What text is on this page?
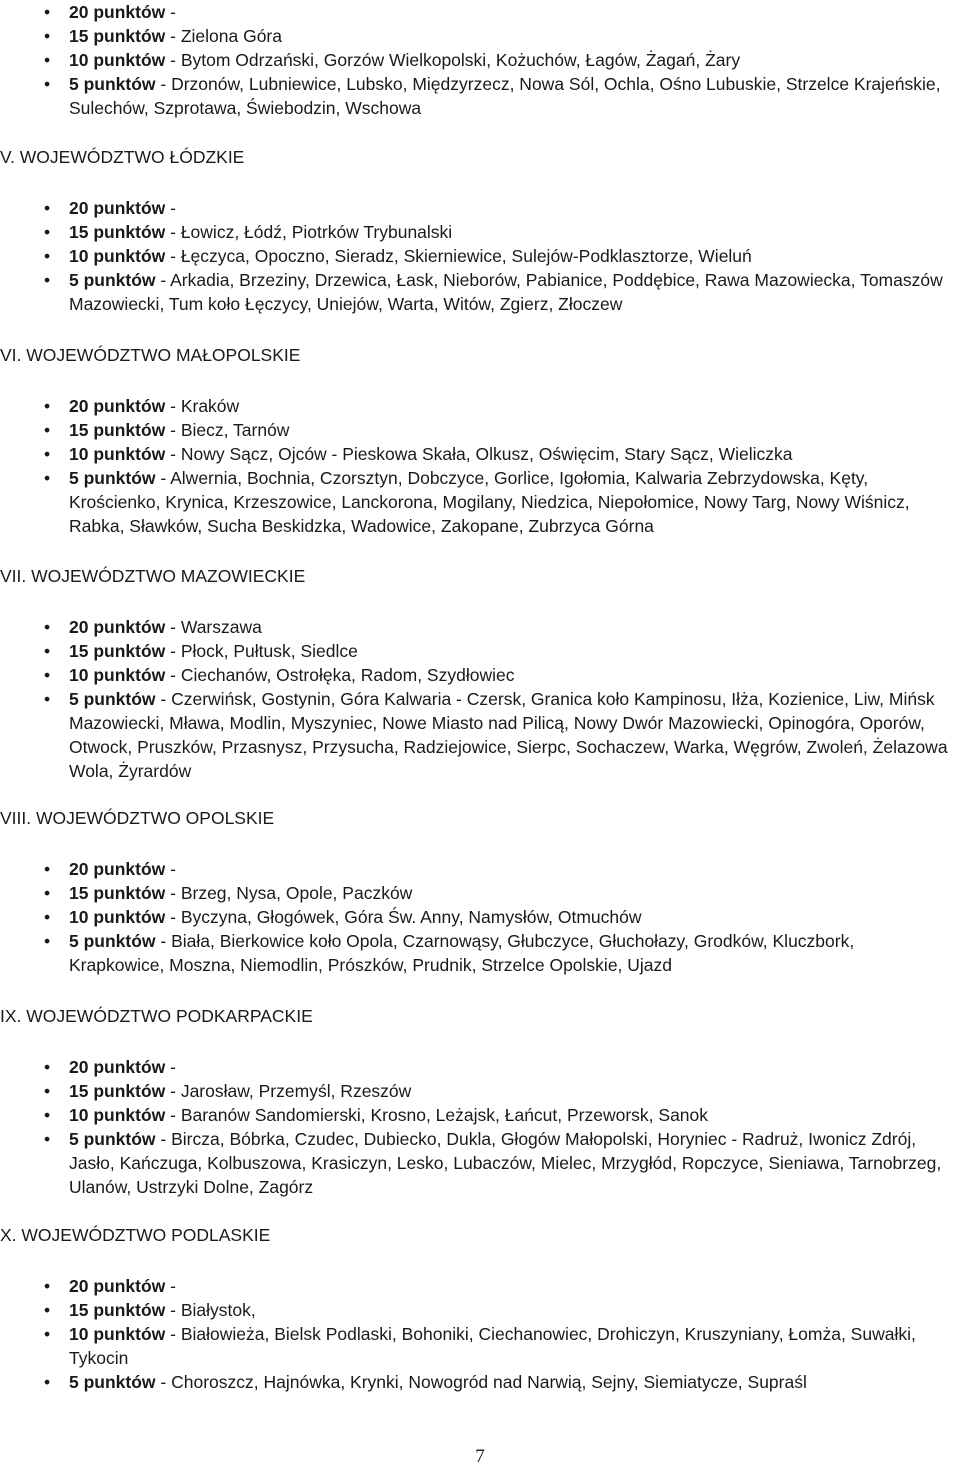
• 20 punktów -
• 15 punktów - Zielona Góra
• 10 punktów - Bytom Odrzański, Gorzów Wielkopolski, Kożuchów, Łagów, Żagań, Żary
• 5 punktów - Drzonów, Lubniewice, Lubsko, Międzyrzecz, Nowa Sól, Ochla, Ośno Lubuskie, Strzelce Krajeńskie, Sulechów, Szprotawa, Świebodzin, Wschowa
V. WOJEWÓDZTWO ŁÓDZKIE
• 20 punktów -
• 15 punktów - Łowicz, Łódź, Piotrków Trybunalski
• 10 punktów - Łęczyca, Opoczno, Sieradz, Skierniewice, Sulejów-Podklasztorze, Wieluń
• 5 punktów - Arkadia, Brzeziny, Drzewica, Łask, Nieborów, Pabianice, Poddębice, Rawa Mazowiecka, Tomaszów Mazowiecki, Tum koło Łęczycy, Uniejów, Warta, Witów, Zgierz, Złoczew
VI. WOJEWÓDZTWO MAŁOPOLSKIE
• 20 punktów - Kraków
• 15 punktów - Biecz, Tarnów
• 10 punktów - Nowy Sącz, Ojców - Pieskowa Skała, Olkusz, Oświęcim, Stary Sącz, Wieliczka
• 5 punktów - Alwernia, Bochnia, Czorsztyn, Dobczyce, Gorlice, Igołomia, Kalwaria Zebrzydowska, Kęty, Krościenko, Krynica, Krzeszowice, Lanckorona, Mogilany, Niedzica, Niepołomice, Nowy Targ, Nowy Wiśnicz, Rabka, Sławków, Sucha Beskidzka, Wadowice, Zakopane, Zubrzyca Górna
VII. WOJEWÓDZTWO MAZOWIECKIE
• 20 punktów - Warszawa
• 15 punktów - Płock, Pułtusk, Siedlce
• 10 punktów - Ciechanów, Ostrołęka, Radom, Szydłowiec
• 5 punktów - Czerwińsk, Gostynin, Góra Kalwaria - Czersk, Granica koło Kampinosu, Iłża, Kozienice, Liw, Mińsk Mazowiecki, Mława, Modlin, Myszyniec, Nowe Miasto nad Pilicą, Nowy Dwór Mazowiecki, Opinogóra, Oporów, Otwock, Pruszków, Przasnysz, Przysucha, Radziejowice, Sierpc, Sochaczew, Warka, Węgrów, Zwoleń, Żelazowa Wola, Żyrardów
VIII. WOJEWÓDZTWO OPOLSKIE
• 20 punktów -
• 15 punktów - Brzeg, Nysa, Opole, Paczków
• 10 punktów - Byczyna, Głogówek, Góra Św. Anny, Namysłów, Otmuchów
• 5 punktów - Biała, Bierkowice koło Opola, Czarnowąsy, Głubczyce, Głuchołazy, Grodków, Kluczbork, Krapkowice, Moszna, Niemodlin, Prószków, Prudnik, Strzelce Opolskie, Ujazd
IX. WOJEWÓDZTWO PODKARPACKIE
• 20 punktów -
• 15 punktów - Jarosław, Przemyśl, Rzeszów
• 10 punktów - Baranów Sandomierski, Krosno, Leżajsk, Łańcut, Przeworsk, Sanok
• 5 punktów - Bircza, Bóbrka, Czudec, Dubiecko, Dukla, Głogów Małopolski, Horyniec - Radruż, Iwonicz Zdrój, Jasło, Kańczuga, Kolbuszowa, Krasiczyn, Lesko, Lubaczów, Mielec, Mrzygłód, Ropczyce, Sieniawa, Tarnobrzeg, Ulanów, Ustrzyki Dolne, Zagórz
X. WOJEWÓDZTWO PODLASKIE
• 20 punktów -
• 15 punktów - Białystok,
• 10 punktów - Białowieża, Bielsk Podlaski, Bohoniki, Ciechanowiec, Drohiczyn, Kruszyniany, Łomża, Suwałki, Tykocin
• 5 punktów - Choroszcz, Hajnówka, Krynki, Nowogród nad Narwią, Sejny, Siemiatycze, Supraśl
7
